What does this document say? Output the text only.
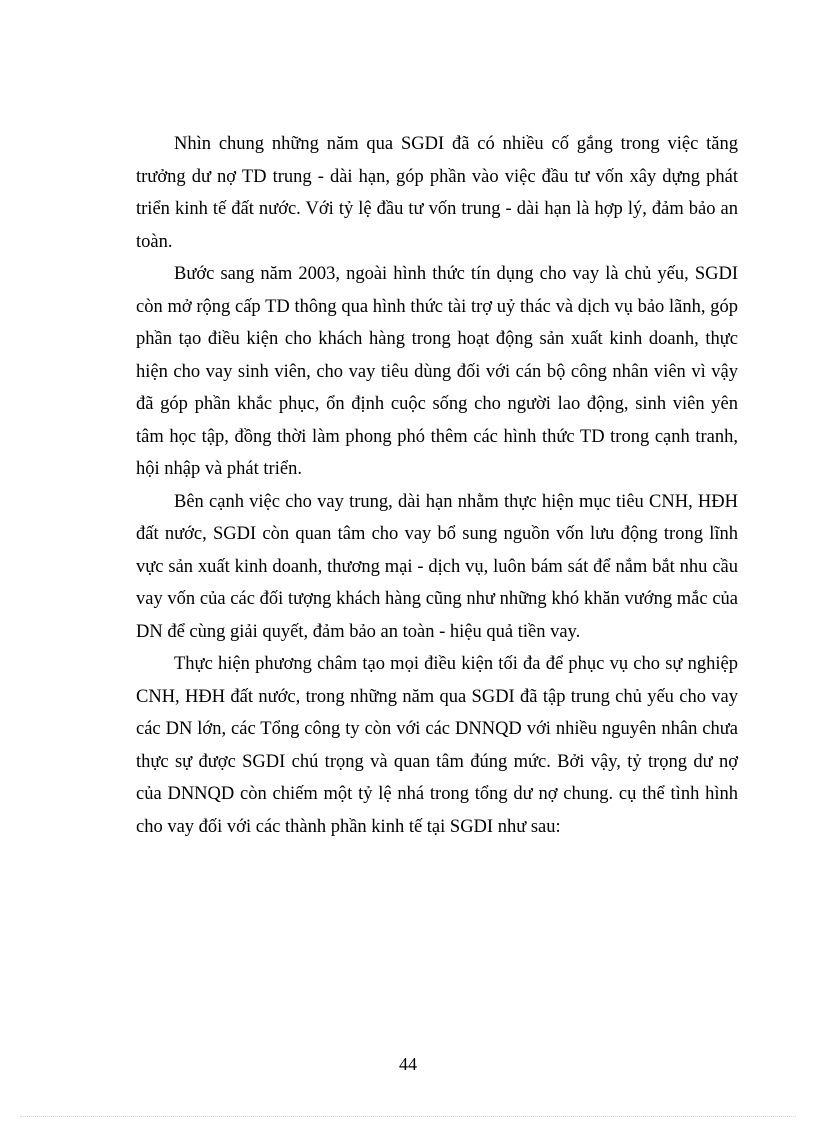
Nhìn chung những năm qua SGDI đã có nhiều cố gắng trong việc tăng trưởng dư nợ TD trung - dài hạn, góp phần vào việc đầu tư vốn xây dựng phát triển kinh tế đất nước. Với tỷ lệ đầu tư vốn trung - dài hạn là hợp lý, đảm bảo an toàn.

Bước sang năm 2003, ngoài hình thức tín dụng cho vay là chủ yếu, SGDI còn mở rộng cấp TD thông qua hình thức tài trợ uỷ thác và dịch vụ bảo lãnh, góp phần tạo điều kiện cho khách hàng trong hoạt động sản xuất kinh doanh, thực hiện cho vay sinh viên, cho vay tiêu dùng đối với cán bộ công nhân viên vì vậy đã góp phần khắc phục, ổn định cuộc sống cho người lao động, sinh viên yên tâm học tập, đồng thời làm phong phó thêm các hình thức TD trong cạnh tranh, hội nhập và phát triển.

Bên cạnh việc cho vay trung, dài hạn nhằm thực hiện mục tiêu CNH, HĐH đất nước, SGDI còn quan tâm cho vay bổ sung nguồn vốn lưu động trong lĩnh vực sản xuất kinh doanh, thương mại - dịch vụ, luôn bám sát để nắm bắt nhu cầu vay vốn của các đối tượng khách hàng cũng như những khó khăn vướng mắc của DN để cùng giải quyết, đảm bảo an toàn - hiệu quả tiền vay.

Thực hiện phương châm tạo mọi điều kiện tối đa để phục vụ cho sự nghiệp CNH, HĐH đất nước, trong những năm qua SGDI đã tập trung chủ yếu cho vay các DN lớn, các Tổng công ty còn với các DNNQD với nhiều nguyên nhân chưa thực sự được SGDI chú trọng và quan tâm đúng mức. Bởi vậy, tỷ trọng dư nợ của DNNQD còn chiếm một tỷ lệ nhá trong tổng dư nợ chung. cụ thể tình hình cho vay đối với các thành phần kinh tế tại SGDI như sau:

44
